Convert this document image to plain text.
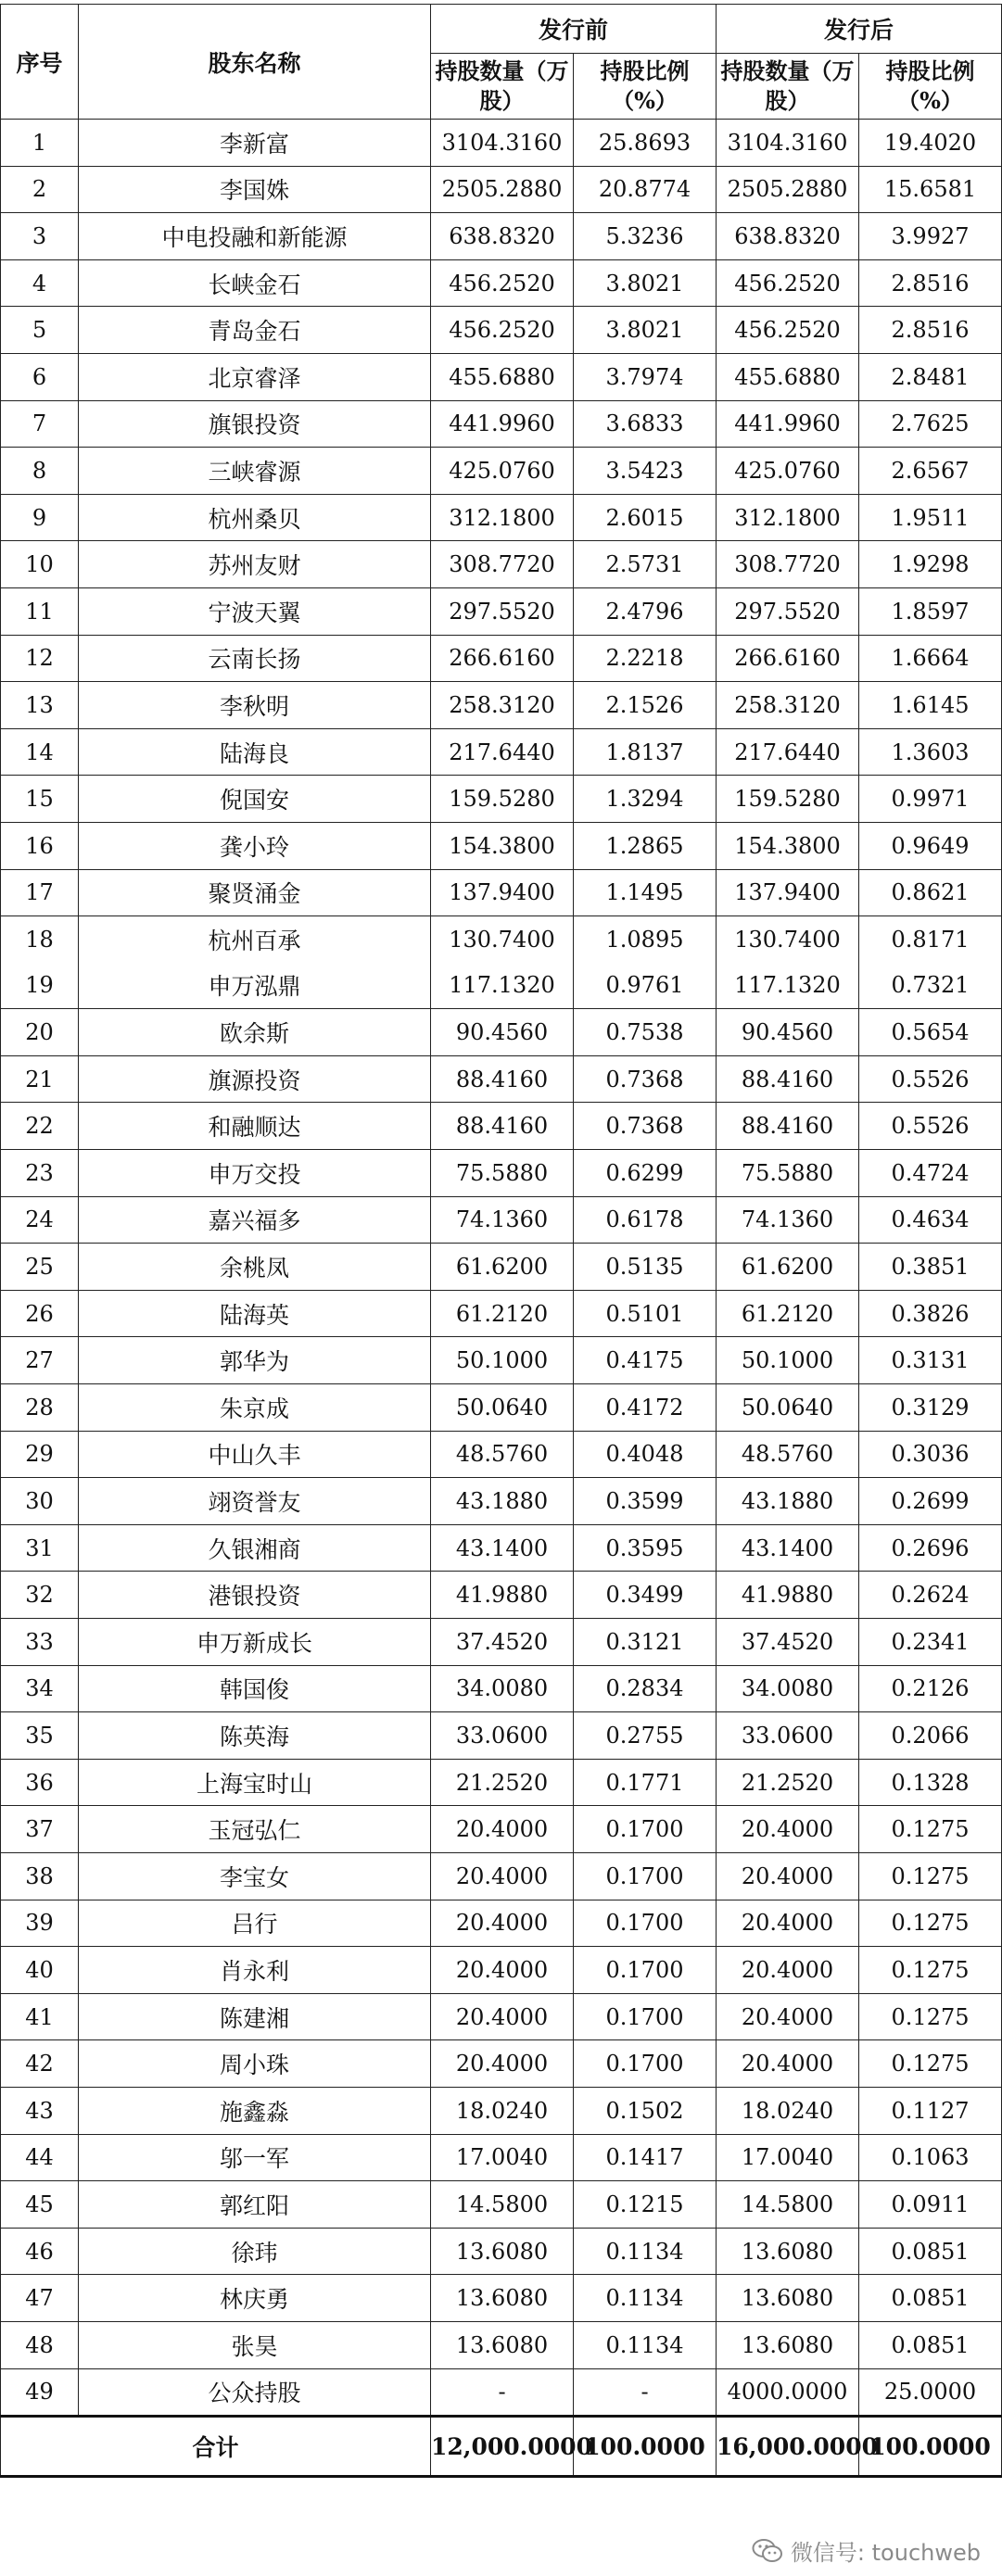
序号	股东名称	发行前		发行后	
		持股数量（万股）	持股比例（%）	持股数量（万股）	持股比例（%）
1	李新富	3104.3160	25.8693	3104.3160	19.4020
2	李国姝	2505.2880	20.8774	2505.2880	15.6581
3	中电投融和新能源	638.8320	5.3236	638.8320	3.9927
4	长峡金石	456.2520	3.8021	456.2520	2.8516
5	青岛金石	456.2520	3.8021	456.2520	2.8516
6	北京睿泽	455.6880	3.7974	455.6880	2.8481
7	旗银投资	441.9960	3.6833	441.9960	2.7625
8	三峡睿源	425.0760	3.5423	425.0760	2.6567
9	杭州桑贝	312.1800	2.6015	312.1800	1.9511
10	苏州友财	308.7720	2.5731	308.7720	1.9298
11	宁波天翼	297.5520	2.4796	297.5520	1.8597
12	云南长扬	266.6160	2.2218	266.6160	1.6664
13	李秋明	258.3120	2.1526	258.3120	1.6145
14	陆海良	217.6440	1.8137	217.6440	1.3603
15	倪国安	159.5280	1.3294	159.5280	0.9971
16	龚小玲	154.3800	1.2865	154.3800	0.9649
17	聚贤涌金	137.9400	1.1495	137.9400	0.8621
18	杭州百承	130.7400	1.0895	130.7400	0.8171
19	申万泓鼎	117.1320	0.9761	117.1320	0.7321
20	欧余斯	90.4560	0.7538	90.4560	0.5654
21	旗源投资	88.4160	0.7368	88.4160	0.5526
22	和融顺达	88.4160	0.7368	88.4160	0.5526
23	申万交投	75.5880	0.6299	75.5880	0.4724
24	嘉兴福多	74.1360	0.6178	74.1360	0.4634
25	余桃凤	61.6200	0.5135	61.6200	0.3851
26	陆海英	61.2120	0.5101	61.2120	0.3826
27	郭华为	50.1000	0.4175	50.1000	0.3131
28	朱京成	50.0640	0.4172	50.0640	0.3129
29	中山久丰	48.5760	0.4048	48.5760	0.3036
30	翊资誉友	43.1880	0.3599	43.1880	0.2699
31	久银湘商	43.1400	0.3595	43.1400	0.2696
32	港银投资	41.9880	0.3499	41.9880	0.2624
33	申万新成长	37.4520	0.3121	37.4520	0.2341
34	韩国俊	34.0080	0.2834	34.0080	0.2126
35	陈英海	33.0600	0.2755	33.0600	0.2066
36	上海宝时山	21.2520	0.1771	21.2520	0.1328
37	玉冠弘仁	20.4000	0.1700	20.4000	0.1275
38	李宝女	20.4000	0.1700	20.4000	0.1275
39	吕行	20.4000	0.1700	20.4000	0.1275
40	肖永利	20.4000	0.1700	20.4000	0.1275
41	陈建湘	20.4000	0.1700	20.4000	0.1275
42	周小珠	20.4000	0.1700	20.4000	0.1275
43	施鑫淼	18.0240	0.1502	18.0240	0.1127
44	邬一军	17.0040	0.1417	17.0040	0.1063
45	郭红阳	14.5800	0.1215	14.5800	0.0911
46	徐玮	13.6080	0.1134	13.6080	0.0851
47	林庆勇	13.6080	0.1134	13.6080	0.0851
48	张昊	13.6080	0.1134	13.6080	0.0851
49	公众持股	-	-	4000.0000	25.0000
合计		12,000.0000	100.0000	16,000.0000	100.0000
微信号: touchweb
